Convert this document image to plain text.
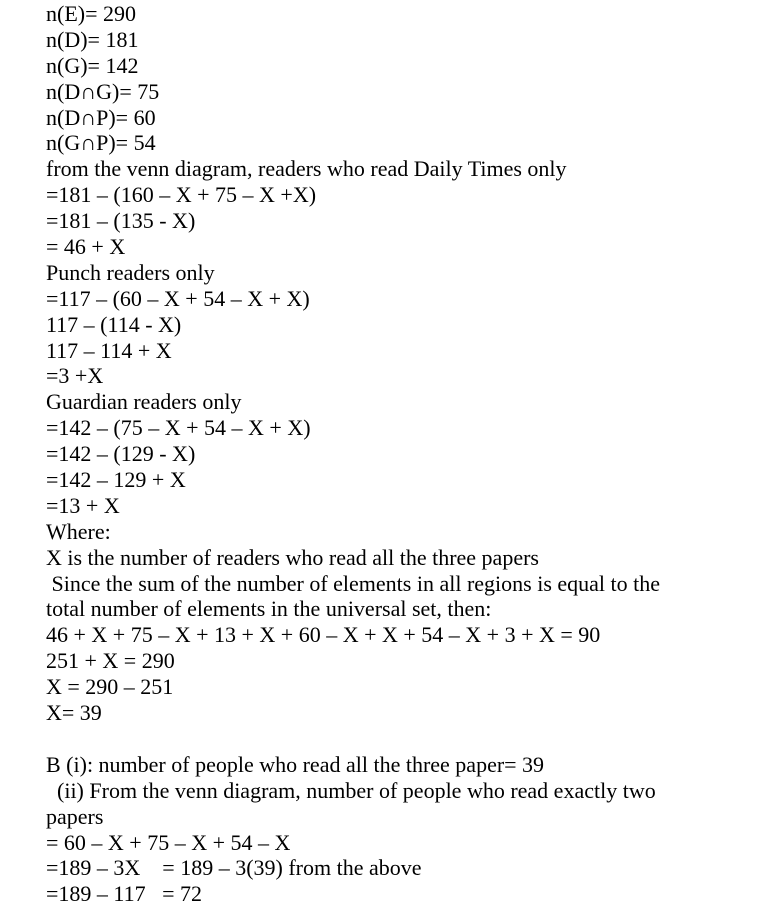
n(E)= 290
n(D)= 181
n(G)= 142
n(D∩G)= 75
n(D∩P)= 60
n(G∩P)= 54
from the venn diagram, readers who read Daily Times only
=181 – (160 – X + 75 – X +X)
=181 – (135 - X)
= 46 + X
Punch readers only
=117 – (60 – X + 54 – X + X)
117 – (114 - X)
117 – 114 + X
=3 +X
Guardian readers only
=142 – (75 – X + 54 – X + X)
=142 – (129 - X)
=142 – 129 + X
=13 + X
Where:
X is the number of readers who read all the three papers
Since the sum of the number of elements in all regions is equal to the
total number of elements in the universal set, then:
46 + X + 75 – X + 13 + X + 60 – X + X + 54 – X + 3 + X = 90
251 + X = 290
X = 290 – 251
X= 39
B (i): number of people who read all the three paper= 39
(ii) From the venn diagram, number of people who read exactly two
papers
= 60 – X + 75 – X + 54 – X
=189 – 3X    = 189 – 3(39) from the above
=189 – 117   = 72
